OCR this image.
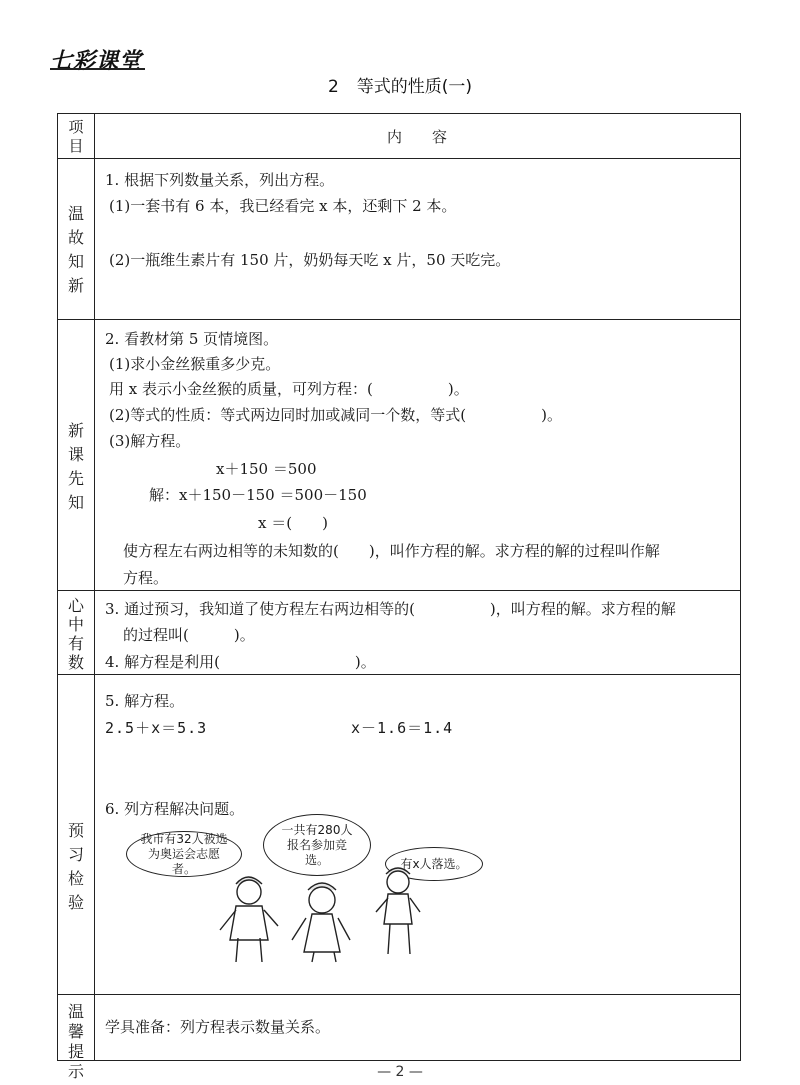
七彩课堂
2 等式的性质(一)
项目	内　　容
温故知新
1. 根据下列数量关系，列出方程。
(1)一套书有 6 本，我已经看完 x 本，还剩下 2 本。
(2)一瓶维生素片有 150 片，奶奶每天吃 x 片，50 天吃完。
新课先知
2. 看教材第 5 页情境图。
(1)求小金丝猴重多少克。
用 x 表示小金丝猴的质量，可列方程：(　　　　　)。
(2)等式的性质：等式两边同时加或减同一个数，等式(　　　　　)。
(3)解方程。
x＋150 ＝500
解：x＋150－150 ＝500－150
x ＝(　　)
使方程左右两边相等的未知数的(　　)，叫作方程的解。求方程的解的过程叫作解
方程。
心中有数
3. 通过预习，我知道了使方程左右两边相等的(　　　　　)，叫方程的解。求方程的解
的过程叫(　　　)。
4. 解方程是利用(　　　　　　　　　)。
预习检验
5. 解方程。
2.5＋x＝5.3	x－1.6＝1.4
6. 列方程解决问题。
我市有32人被选为奥运会志愿者。
一共有280人报名参加竞选。	有x人落选。
温馨提示
学具准备：列方程表示数量关系。
— 2 —
